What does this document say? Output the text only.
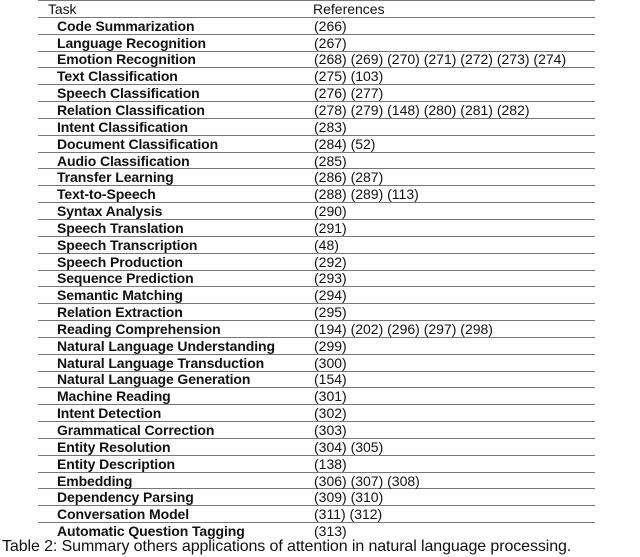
Task	References
Code Summarization	(266)
Language Recognition	(267)
Emotion Recognition	(268) (269) (270) (271) (272) (273) (274)
Text Classification	(275) (103)
Speech Classification	(276) (277)
Relation Classification	(278) (279) (148) (280) (281) (282)
Intent Classification	(283)
Document Classification	(284) (52)
Audio Classification	(285)
Transfer Learning	(286) (287)
Text-to-Speech	(288) (289) (113)
Syntax Analysis	(290)
Speech Translation	(291)
Speech Transcription	(48)
Speech Production	(292)
Sequence Prediction	(293)
Semantic Matching	(294)
Relation Extraction	(295)
Reading Comprehension	(194) (202) (296) (297) (298)
Natural Language Understanding	(299)
Natural Language Transduction	(300)
Natural Language Generation	(154)
Machine Reading	(301)
Intent Detection	(302)
Grammatical Correction	(303)
Entity Resolution	(304) (305)
Entity Description	(138)
Embedding	(306) (307) (308)
Dependency Parsing	(309) (310)
Conversation Model	(311) (312)
Automatic Question Tagging	(313)
Table 2: Summary others applications of attention in natural language processing.
